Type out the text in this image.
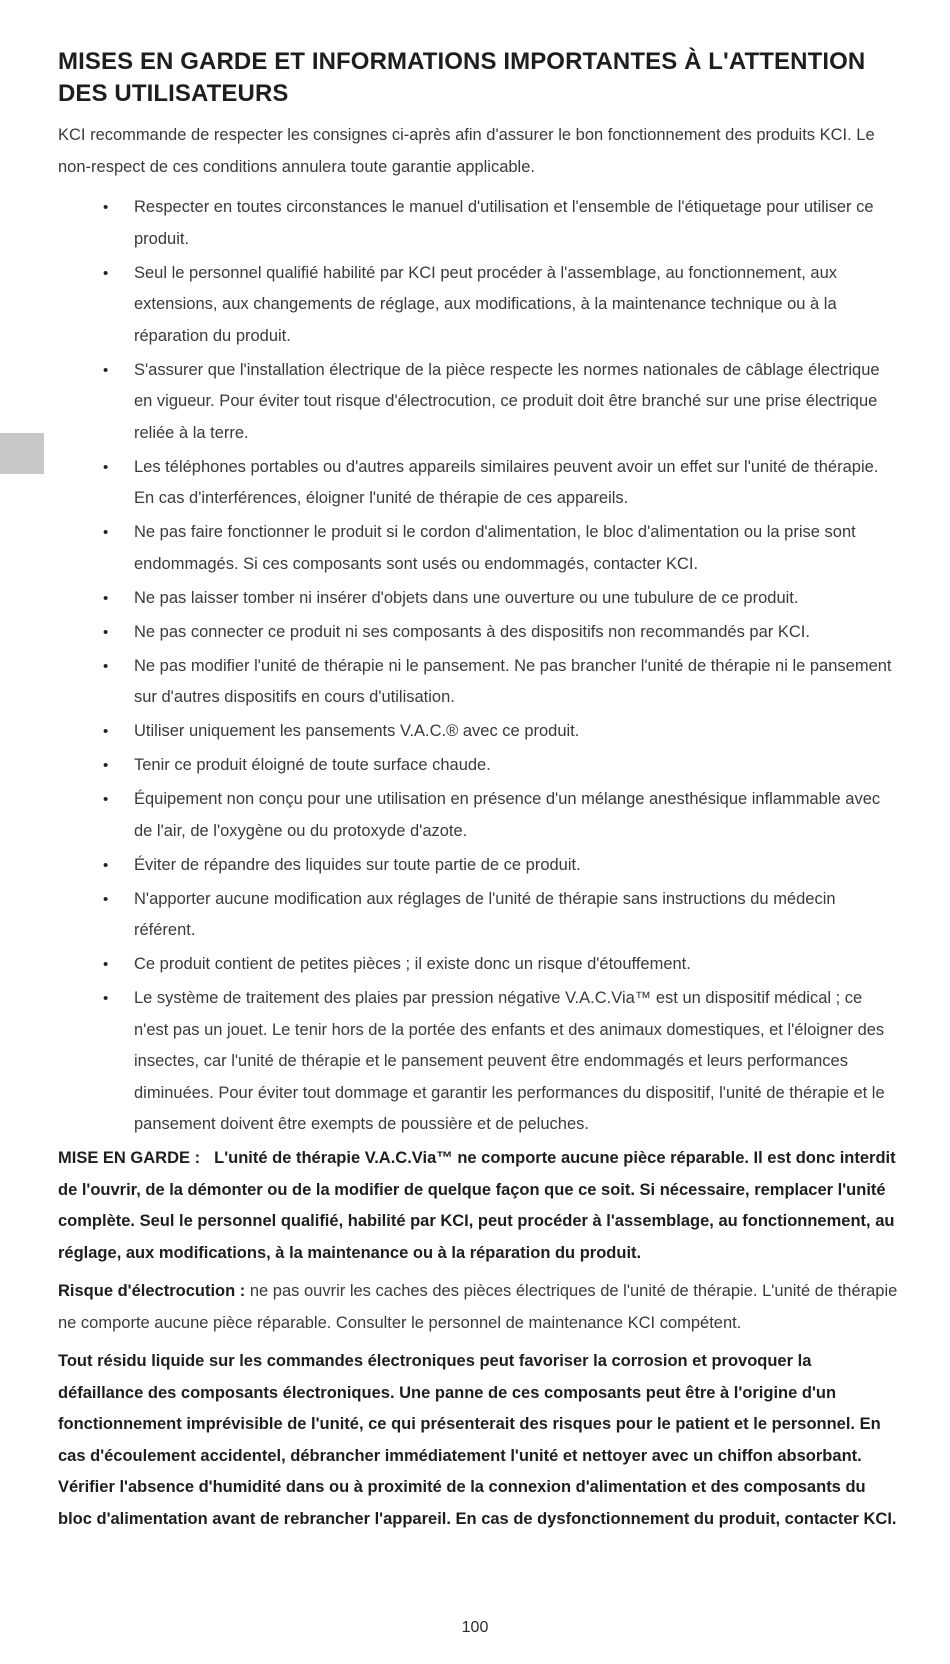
MISES EN GARDE ET INFORMATIONS IMPORTANTES À L'ATTENTION DES UTILISATEURS

KCI recommande de respecter les consignes ci-après afin d'assurer le bon fonctionnement des produits KCI. Le non-respect de ces conditions annulera toute garantie applicable.

• Respecter en toutes circonstances le manuel d'utilisation et l'ensemble de l'étiquetage pour utiliser ce produit.
• Seul le personnel qualifié habilité par KCI peut procéder à l'assemblage, au fonctionnement, aux extensions, aux changements de réglage, aux modifications, à la maintenance technique ou à la réparation du produit.
• S'assurer que l'installation électrique de la pièce respecte les normes nationales de câblage électrique en vigueur. Pour éviter tout risque d'électrocution, ce produit doit être branché sur une prise électrique reliée à la terre.
• Les téléphones portables ou d'autres appareils similaires peuvent avoir un effet sur l'unité de thérapie. En cas d'interférences, éloigner l'unité de thérapie de ces appareils.
• Ne pas faire fonctionner le produit si le cordon d'alimentation, le bloc d'alimentation ou la prise sont endommagés. Si ces composants sont usés ou endommagés, contacter KCI.
• Ne pas laisser tomber ni insérer d'objets dans une ouverture ou une tubulure de ce produit.
• Ne pas connecter ce produit ni ses composants à des dispositifs non recommandés par KCI.
• Ne pas modifier l'unité de thérapie ni le pansement. Ne pas brancher l'unité de thérapie ni le pansement sur d'autres dispositifs en cours d'utilisation.
• Utiliser uniquement les pansements V.A.C.® avec ce produit.
• Tenir ce produit éloigné de toute surface chaude.
• Équipement non conçu pour une utilisation en présence d'un mélange anesthésique inflammable avec de l'air, de l'oxygène ou du protoxyde d'azote.
• Éviter de répandre des liquides sur toute partie de ce produit.
• N'apporter aucune modification aux réglages de l'unité de thérapie sans instructions du médecin référent.
• Ce produit contient de petites pièces ; il existe donc un risque d'étouffement.
• Le système de traitement des plaies par pression négative V.A.C.Via™ est un dispositif médical ; ce n'est pas un jouet. Le tenir hors de la portée des enfants et des animaux domestiques, et l'éloigner des insectes, car l'unité de thérapie et le pansement peuvent être endommagés et leurs performances diminuées. Pour éviter tout dommage et garantir les performances du dispositif, l'unité de thérapie et le pansement doivent être exempts de poussière et de peluches.

MISE EN GARDE : L'unité de thérapie V.A.C.Via™ ne comporte aucune pièce réparable. Il est donc interdit de l'ouvrir, de la démonter ou de la modifier de quelque façon que ce soit. Si nécessaire, remplacer l'unité complète. Seul le personnel qualifié, habilité par KCI, peut procéder à l'assemblage, au fonctionnement, au réglage, aux modifications, à la maintenance ou à la réparation du produit.

Risque d'électrocution : ne pas ouvrir les caches des pièces électriques de l'unité de thérapie. L'unité de thérapie ne comporte aucune pièce réparable. Consulter le personnel de maintenance KCI compétent.

Tout résidu liquide sur les commandes électroniques peut favoriser la corrosion et provoquer la défaillance des composants électroniques. Une panne de ces composants peut être à l'origine d'un fonctionnement imprévisible de l'unité, ce qui présenterait des risques pour le patient et le personnel. En cas d'écoulement accidentel, débrancher immédiatement l'unité et nettoyer avec un chiffon absorbant. Vérifier l'absence d'humidité dans ou à proximité de la connexion d'alimentation et des composants du bloc d'alimentation avant de rebrancher l'appareil. En cas de dysfonctionnement du produit, contacter KCI.

100
